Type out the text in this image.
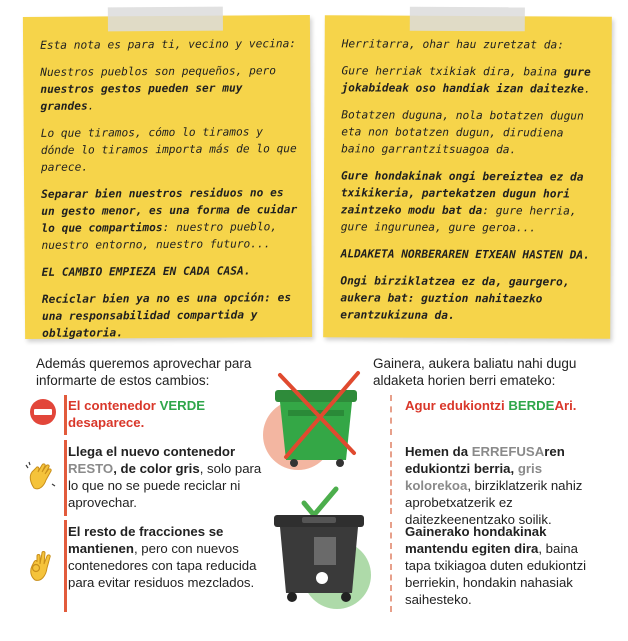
Esta nota es para ti, vecino y vecina:

Nuestros pueblos son pequeños, pero nuestros gestos pueden ser muy grandes.

Lo que tiramos, cómo lo tiramos y dónde lo tiramos importa más de lo que parece.

Separar bien nuestros residuos no es un gesto menor, es una forma de cuidar lo que compartimos: nuestro pueblo, nuestro entorno, nuestro futuro...

EL CAMBIO EMPIEZA EN CADA CASA.

Reciclar bien ya no es una opción: es una responsabilidad compartida y obligatoria.

Herritarra, ohar hau zuretzat da:

Gure herriak txikiak dira, baina gure jokabideak oso handiak izan daitezke.

Botatzen duguna, nola botatzen dugun eta non botatzen dugun, dirudiena baino garrantzitsuagoa da.

Gure hondakinak ongi bereiztea ez da txikikeria, partekatzen dugun hori zaintzeko modu bat da: gure herria, gure ingurunea, gure geroa...

ALDAKETA NORBERAREN ETXEAN HASTEN DA.

Ongi birziklatzea ez da, gaurgero, aukera bat: guztion nahitaezko erantzukizuna da.

Además queremos aprovechar para informarte de estos cambios:
Gainera, aukera baliatu nahi dugu aldaketa horien berri emateko:
El contenedor VERDE
desaparece.
Llega el nuevo contenedor RESTO, de color gris, solo para lo que no se puede reciclar ni aprovechar.
El resto de fracciones se mantienen, pero con nuevos contenedores con tapa reducida para evitar residuos mezclados.
Agur edukiontzi BERDEAri.
Hemen da ERREFUSAren edukiontzi berria, gris kolorekoa, birziklatzerik nahiz aprobetxatzerik ez daitezkeenentzako soilik.
Gainerako hondakinak mantendu egiten dira, baina tapa txikiagoa duten edukiontzi berriekin, hondakin nahasiak saihesteko.
